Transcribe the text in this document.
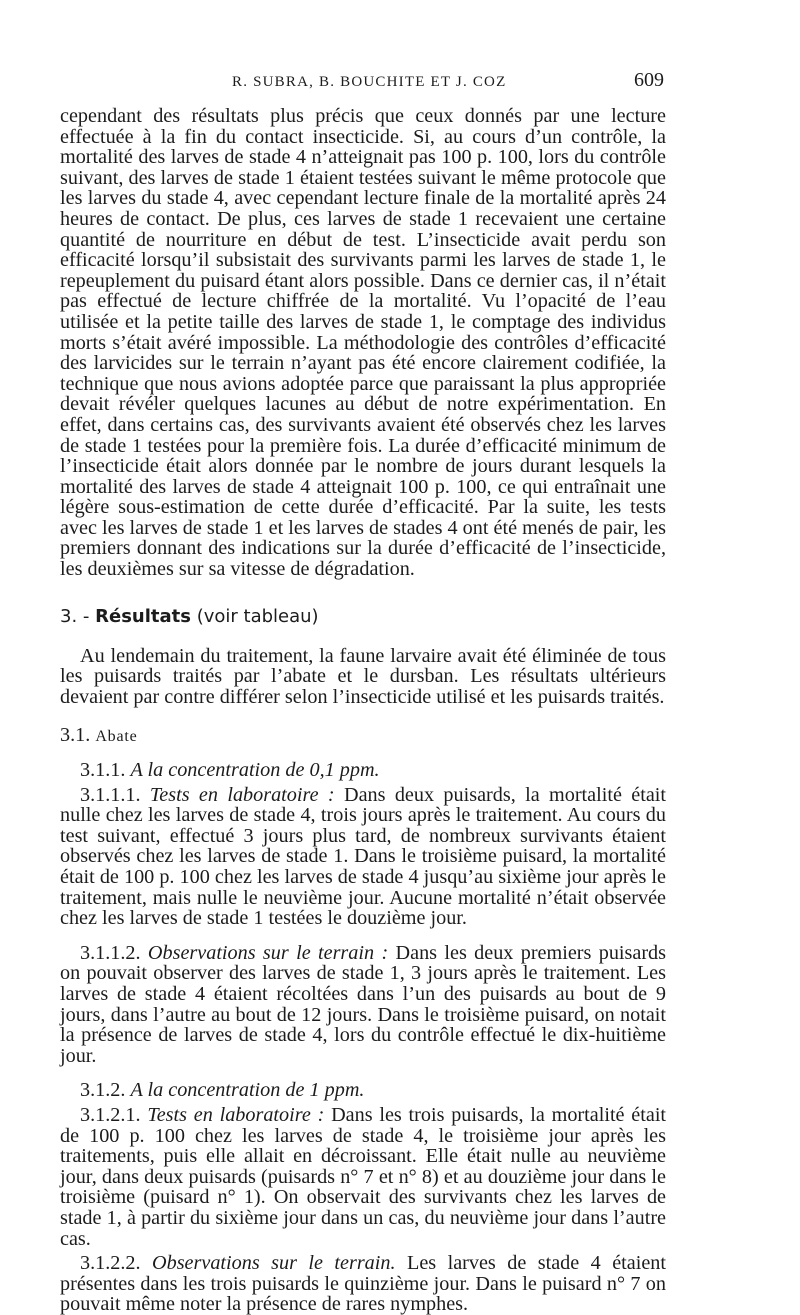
R. SUBRA, B. BOUCHITE ET J. COZ	609

cependant des résultats plus précis que ceux donnés par une lecture effectuée à la fin du contact insecticide. Si, au cours d’un contrôle, la mortalité des larves de stade 4 n’atteignait pas 100 p. 100, lors du contrôle suivant, des larves de stade 1 étaient testées suivant le même protocole que les larves du stade 4, avec cependant lecture finale de la mortalité après 24 heures de contact. De plus, ces larves de stade 1 recevaient une certaine quantité de nourriture en début de test. L’insecticide avait perdu son efficacité lorsqu’il subsistait des survivants parmi les larves de stade 1, le repeuplement du puisard étant alors possible. Dans ce dernier cas, il n’était pas effectué de lecture chiffrée de la mortalité. Vu l’opacité de l’eau utilisée et la petite taille des larves de stade 1, le comptage des individus morts s’était avéré impossible. La méthodologie des contrôles d’efficacité des larvicides sur le terrain n’ayant pas été encore clairement codifiée, la technique que nous avions adoptée parce que paraissant la plus appropriée devait révéler quelques lacunes au début de notre expérimentation. En effet, dans certains cas, des survivants avaient été observés chez les larves de stade 1 testées pour la première fois. La durée d’efficacité minimum de l’insecticide était alors donnée par le nombre de jours durant lesquels la mortalité des larves de stade 4 atteignait 100 p. 100, ce qui entraînait une légère sous-estimation de cette durée d’efficacité. Par la suite, les tests avec les larves de stade 1 et les larves de stades 4 ont été menés de pair, les premiers donnant des indications sur la durée d’efficacité de l’insecticide, les deuxièmes sur sa vitesse de dégradation.

3. - Résultats (voir tableau)

Au lendemain du traitement, la faune larvaire avait été éliminée de tous les puisards traités par l’abate et le dursban. Les résultats ultérieurs devaient par contre différer selon l’insecticide utilisé et les puisards traités.

3.1. Abate
3.1.1. A la concentration de 0,1 ppm.

3.1.1.1. Tests en laboratoire : Dans deux puisards, la mortalité était nulle chez les larves de stade 4, trois jours après le traitement. Au cours du test suivant, effectué 3 jours plus tard, de nombreux survivants étaient observés chez les larves de stade 1. Dans le troisième puisard, la mortalité était de 100 p. 100 chez les larves de stade 4 jusqu’au sixième jour après le traitement, mais nulle le neuvième jour. Aucune mortalité n’était observée chez les larves de stade 1 testées le douzième jour.

3.1.1.2. Observations sur le terrain : Dans les deux premiers puisards on pouvait observer des larves de stade 1, 3 jours après le traitement. Les larves de stade 4 étaient récoltées dans l’un des puisards au bout de 9 jours, dans l’autre au bout de 12 jours. Dans le troisième puisard, on notait la présence de larves de stade 4, lors du contrôle effectué le dix-huitième jour.

3.1.2. A la concentration de 1 ppm.

3.1.2.1. Tests en laboratoire : Dans les trois puisards, la mortalité était de 100 p. 100 chez les larves de stade 4, le troisième jour après les traitements, puis elle allait en décroissant. Elle était nulle au neuvième jour, dans deux puisards (puisards n° 7 et n° 8) et au douzième jour dans le troisième (puisard n° 1). On observait des survivants chez les larves de stade 1, à partir du sixième jour dans un cas, du neuvième jour dans l’autre cas.

3.1.2.2. Observations sur le terrain. Les larves de stade 4 étaient présentes dans les trois puisards le quinzième jour. Dans le puisard n° 7 on pouvait même noter la présence de rares nymphes.
